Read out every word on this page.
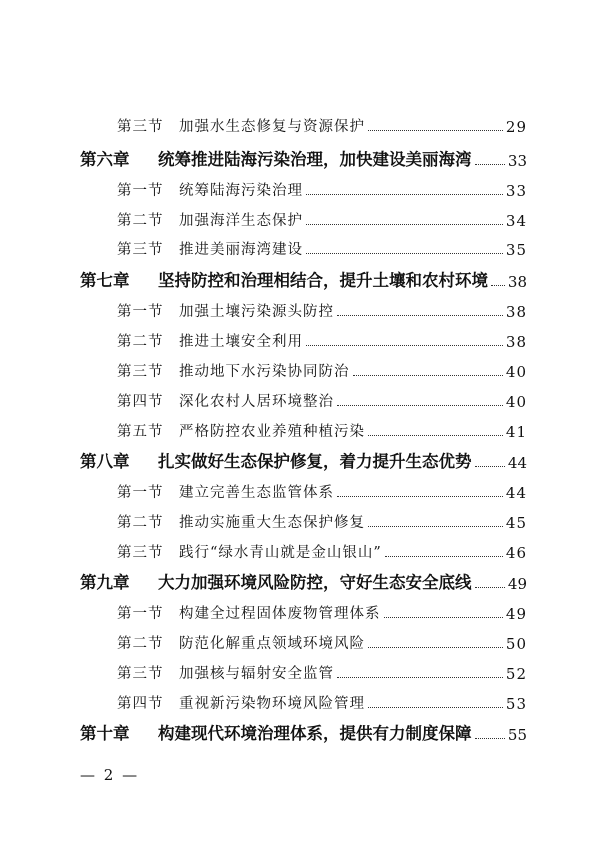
第三节 加强水生态修复与资源保护	29
第六章 统筹推进陆海污染治理，加快建设美丽海湾 33
第一节 统筹陆海污染治理	33
第二节 加强海洋生态保护	34
第三节 推进美丽海湾建设	35
第七章 坚持防控和治理相结合，提升土壤和农村环境 38
第一节 加强土壤污染源头防控	38
第二节 推进土壤安全利用	38
第三节 推动地下水污染协同防治	40
第四节 深化农村人居环境整治	40
第五节 严格防控农业养殖种植污染	41
第八章 扎实做好生态保护修复，着力提升生态优势 44
第一节 建立完善生态监管体系	44
第二节 推动实施重大生态保护修复	45
第三节 践行“绿水青山就是金山银山”	46
第九章 大力加强环境风险防控，守好生态安全底线 49
第一节 构建全过程固体废物管理体系	49
第二节 防范化解重点领域环境风险	50
第三节 加强核与辐射安全监管	52
第四节 重视新污染物环境风险管理	53
第十章 构建现代环境治理体系，提供有力制度保障 55
— 2 —
